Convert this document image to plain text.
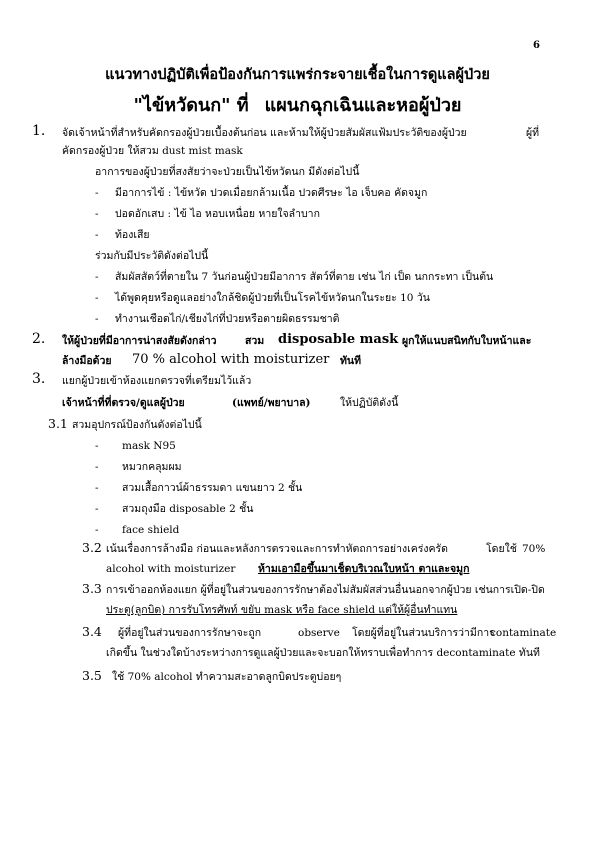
6
แนวทางปฏิบัติเพื่อป้องกันการแพร่กระจายเชื้อในการดูแลผู้ป่วย
"ไข้หวัดนก" ที่ แผนกฉุกเฉินและหอผู้ป่วย
1. จัดเจ้าหน้าที่สำหรับคัดกรองผู้ป่วยเบื้องต้นก่อน และห้ามให้ผู้ป่วยสัมผัสแฟ้มประวัติของผู้ป่วย	ผู้ที่
คัดกรองผู้ป่วย ให้สวม dust mist mask
อาการของผู้ป่วยที่สงสัยว่าจะป่วยเป็นไข้หวัดนก มีดังต่อไปนี้
- มีอาการไข้ : ไข้หวัด ปวดเมื่อยกล้ามเนื้อ ปวดศีรษะ ไอ เจ็บคอ คัดจมูก
- ปอดอักเสบ : ไข้ ไอ หอบเหนื่อย หายใจลำบาก
- ท้องเสีย
ร่วมกับมีประวัติดังต่อไปนี้
- สัมผัสสัตว์ที่ตายใน 7 วันก่อนผู้ป่วยมีอาการ สัตว์ที่ตาย เช่น ไก่ เป็ด นกกระทา เป็นต้น
- ได้พูดคุยหรือดูแลอย่างใกล้ชิดผู้ป่วยที่เป็นโรคไข้หวัดนกในระยะ 10 วัน
- ทำงานเชือดไก่/เชียงไก่ที่ป่วยหรือตายผิดธรรมชาติ
2. ให้ผู้ป่วยที่มีอาการน่าสงสัยดังกล่าว	สวม disposable mask ผูกให้แนบสนิทกับใบหน้าและ
ล้างมือด้วย 70 % alcohol with moisturizer ทันที
3. แยกผู้ป่วยเข้าห้องแยกตรวจที่เตรียมไว้แล้ว
เจ้าหน้าที่ที่ตรวจ/ดูแลผู้ป่วย	(แพทย์/พยาบาล)	ให้ปฏิบัติดังนี้
3.1 สวมอุปกรณ์ป้องกันดังต่อไปนี้
- mask N95
- หมวกคลุมผม
- สวมเสื้อกาวน์ผ้าธรรมดา แขนยาว 2 ชั้น
- สวมถุงมือ disposable 2 ชั้น
- face shield
3.2 เน้นเรื่องการล้างมือ ก่อนและหลังการตรวจและการทำหัตถการอย่างเคร่งครัด	โดยใช้ 70%
alcohol with moisturizer ห้ามเอามือขึ้นมาเช็ดบริเวณใบหน้า ตาและจมูก
3.3 การเข้าออกห้องแยก ผู้ที่อยู่ในส่วนของการรักษาต้องไม่สัมผัสส่วนอื่นนอกจากผู้ป่วย เช่นการเปิด-ปิด
ประตู(ลูกบิด) การรับโทรศัพท์ ขยับ mask หรือ face shield แต่ให้ผู้อื่นทำแทน
3.4 ผู้ที่อยู่ในส่วนของการรักษาจะถูก	observe โดยผู้ที่อยู่ในส่วนบริการว่ามีการ
contaminate
เกิดขึ้น ในช่วงใดบ้างระหว่างการดูแลผู้ป่วยและจะบอกให้ทราบเพื่อทำการ decontaminate ทันที
3.5 ใช้ 70% alcohol ทำความสะอาดลูกบิดประตูบ่อยๆ
